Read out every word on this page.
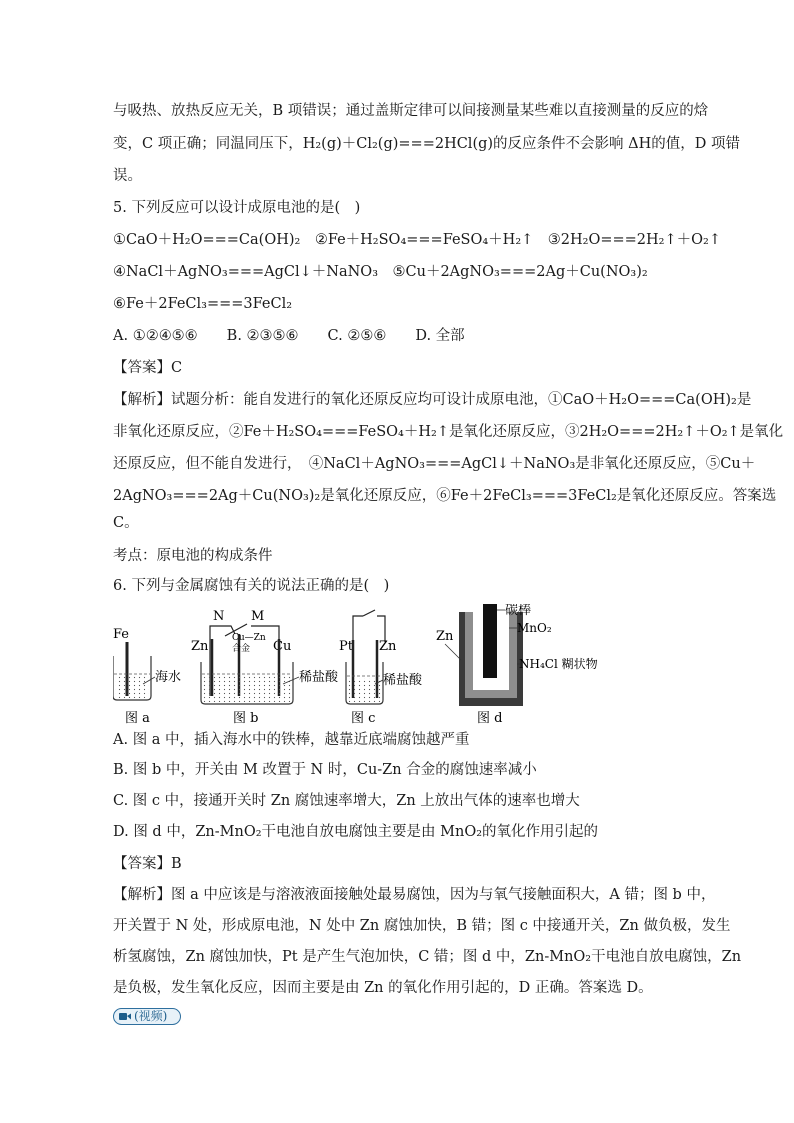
与吸热、放热反应无关，B 项错误；通过盖斯定律可以间接测量某些难以直接测量的反应的焓
变，C 项正确；同温同压下，H₂(g)＋Cl₂(g)===2HCl(g)的反应条件不会影响 ΔH的值，D 项错
误。
5. 下列反应可以设计成原电池的是(　)
①CaO＋H₂O===Ca(OH)₂　②Fe＋H₂SO₄===FeSO₄＋H₂↑　③2H₂O===2H₂↑＋O₂↑
④NaCl＋AgNO₃===AgCl↓＋NaNO₃　⑤Cu＋2AgNO₃===2Ag＋Cu(NO₃)₂
⑥Fe＋2FeCl₃===3FeCl₂
A. ①②④⑤⑥　　B. ②③⑤⑥　　C. ②⑤⑥　　D. 全部
【答案】C
【解析】试题分析：能自发进行的氧化还原反应均可设计成原电池，①CaO＋H₂O===Ca(OH)₂是
非氧化还原反应，②Fe＋H₂SO₄===FeSO₄＋H₂↑是氧化还原反应，③2H₂O===2H₂↑＋O₂↑是氧化
还原反应，但不能自发进行，　④NaCl＋AgNO₃===AgCl↓＋NaNO₃是非氧化还原反应，⑤Cu＋
2AgNO₃===2Ag＋Cu(NO₃)₂是氧化还原反应，⑥Fe＋2FeCl₃===3FeCl₂是氧化还原反应。答案选
C。
考点：原电池的构成条件
6. 下列与金属腐蚀有关的说法正确的是(　)
Fe
海水
图 a
N M
Zn
Cu—Zn
合金 Cu
稀盐酸
图 b
Pt Zn
稀盐酸
图 c
碳棒
MnO₂
Zn
NH₄Cl 糊状物
图 d
A. 图 a 中，插入海水中的铁棒，越靠近底端腐蚀越严重
B. 图 b 中，开关由 M 改置于 N 时，Cu-Zn 合金的腐蚀速率减小
C. 图 c 中，接通开关时 Zn 腐蚀速率增大，Zn 上放出气体的速率也增大
D. 图 d 中，Zn-MnO₂干电池自放电腐蚀主要是由 MnO₂的氧化作用引起的
【答案】B
【解析】图 a 中应该是与溶液液面接触处最易腐蚀，因为与氧气接触面积大，A 错；图 b 中，
开关置于 N 处，形成原电池，N 处中 Zn 腐蚀加快，B 错；图 c 中接通开关，Zn 做负极，发生
析氢腐蚀，Zn 腐蚀加快，Pt 是产生气泡加快，C 错；图 d 中，Zn-MnO₂干电池自放电腐蚀，Zn
是负极，发生氧化反应，因而主要是由 Zn 的氧化作用引起的，D 正确。答案选 D。
(视频)
